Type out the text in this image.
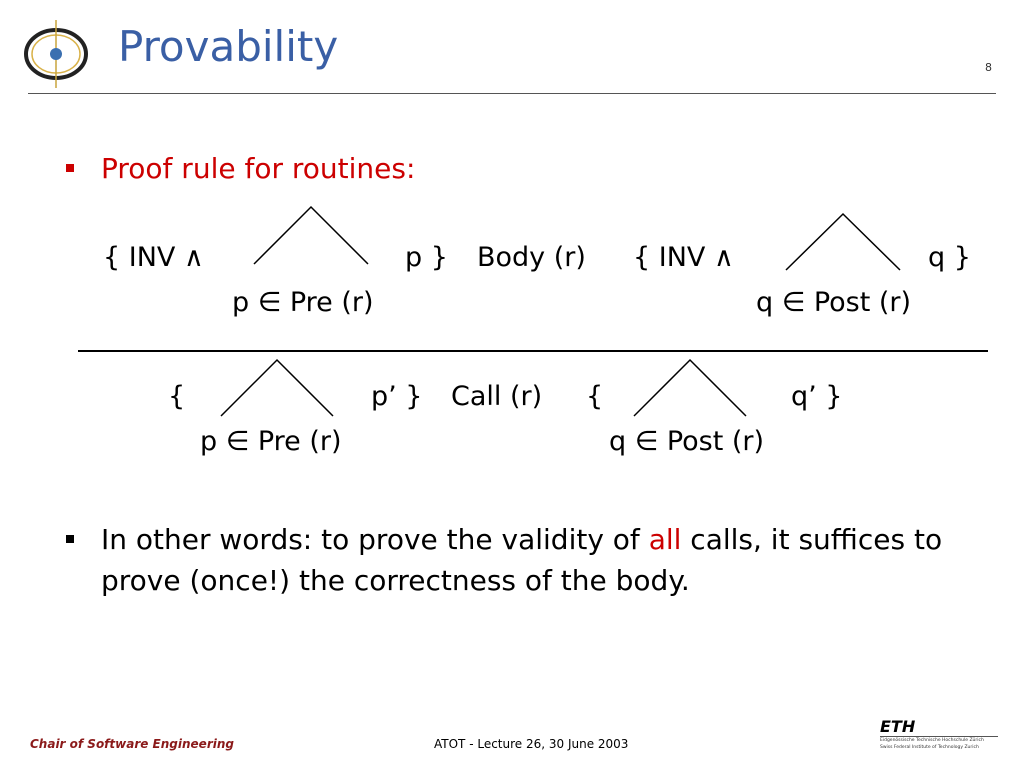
Provability	8
Proof rule for routines:
{ INV ∧	p } Body (r) { INV ∧	q }
p ∈ Pre (r)	q ∈ Post (r)
{	p’ } Call (r) {	q’ }
p ∈ Pre (r)	q ∈ Post (r)
In other words: to prove the validity of all calls, it suffices to prove (once!) the correctness of the body.
Chair of Software Engineering	ATOT - Lecture 26, 30 June 2003
ETH
Eidgenössische Technische Hochschule Zürich
Swiss Federal Institute of Technology Zurich
